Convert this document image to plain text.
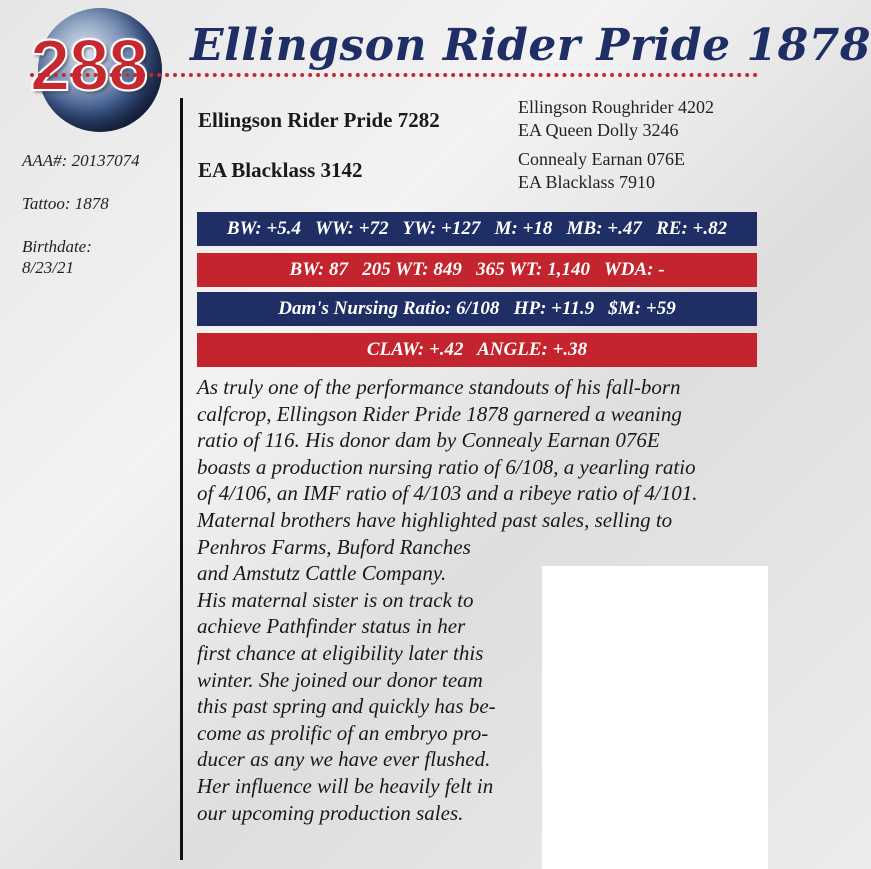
288 Ellingson Rider Pride 1878
AAA#: 20137074
Tattoo: 1878
Birthdate:
8/23/21
Ellingson Rider Pride 7282
Ellingson Roughrider 4202
EA Queen Dolly 3246
EA Blacklass 3142	Connealy Earnan 076E
EA Blacklass 7910
BW: +5.4   WW: +72   YW: +127   M: +18   MB: +.47   RE: +.82
BW: 87   205 WT: 849   365 WT: 1,140   WDA: -
Dam's Nursing Ratio: 6/108   HP: +11.9   $M: +59
CLAW: +.42   ANGLE: +.38

As truly one of the performance standouts of his fall-born
calfcrop, Ellingson Rider Pride 1878 garnered a weaning
ratio of 116. His donor dam by Connealy Earnan 076E
boasts a production nursing ratio of 6/108, a yearling ratio
of 4/106, an IMF ratio of 4/103 and a ribeye ratio of 4/101.
Maternal brothers have highlighted past sales, selling to
Penhros Farms, Buford Ranches
and Amstutz Cattle Company.
His maternal sister is on track to
achieve Pathfinder status in her
first chance at eligibility later this
winter. She joined our donor team
this past spring and quickly has be-
come as prolific of an embryo pro-
ducer as any we have ever flushed.
Her influence will be heavily felt in
our upcoming production sales.
